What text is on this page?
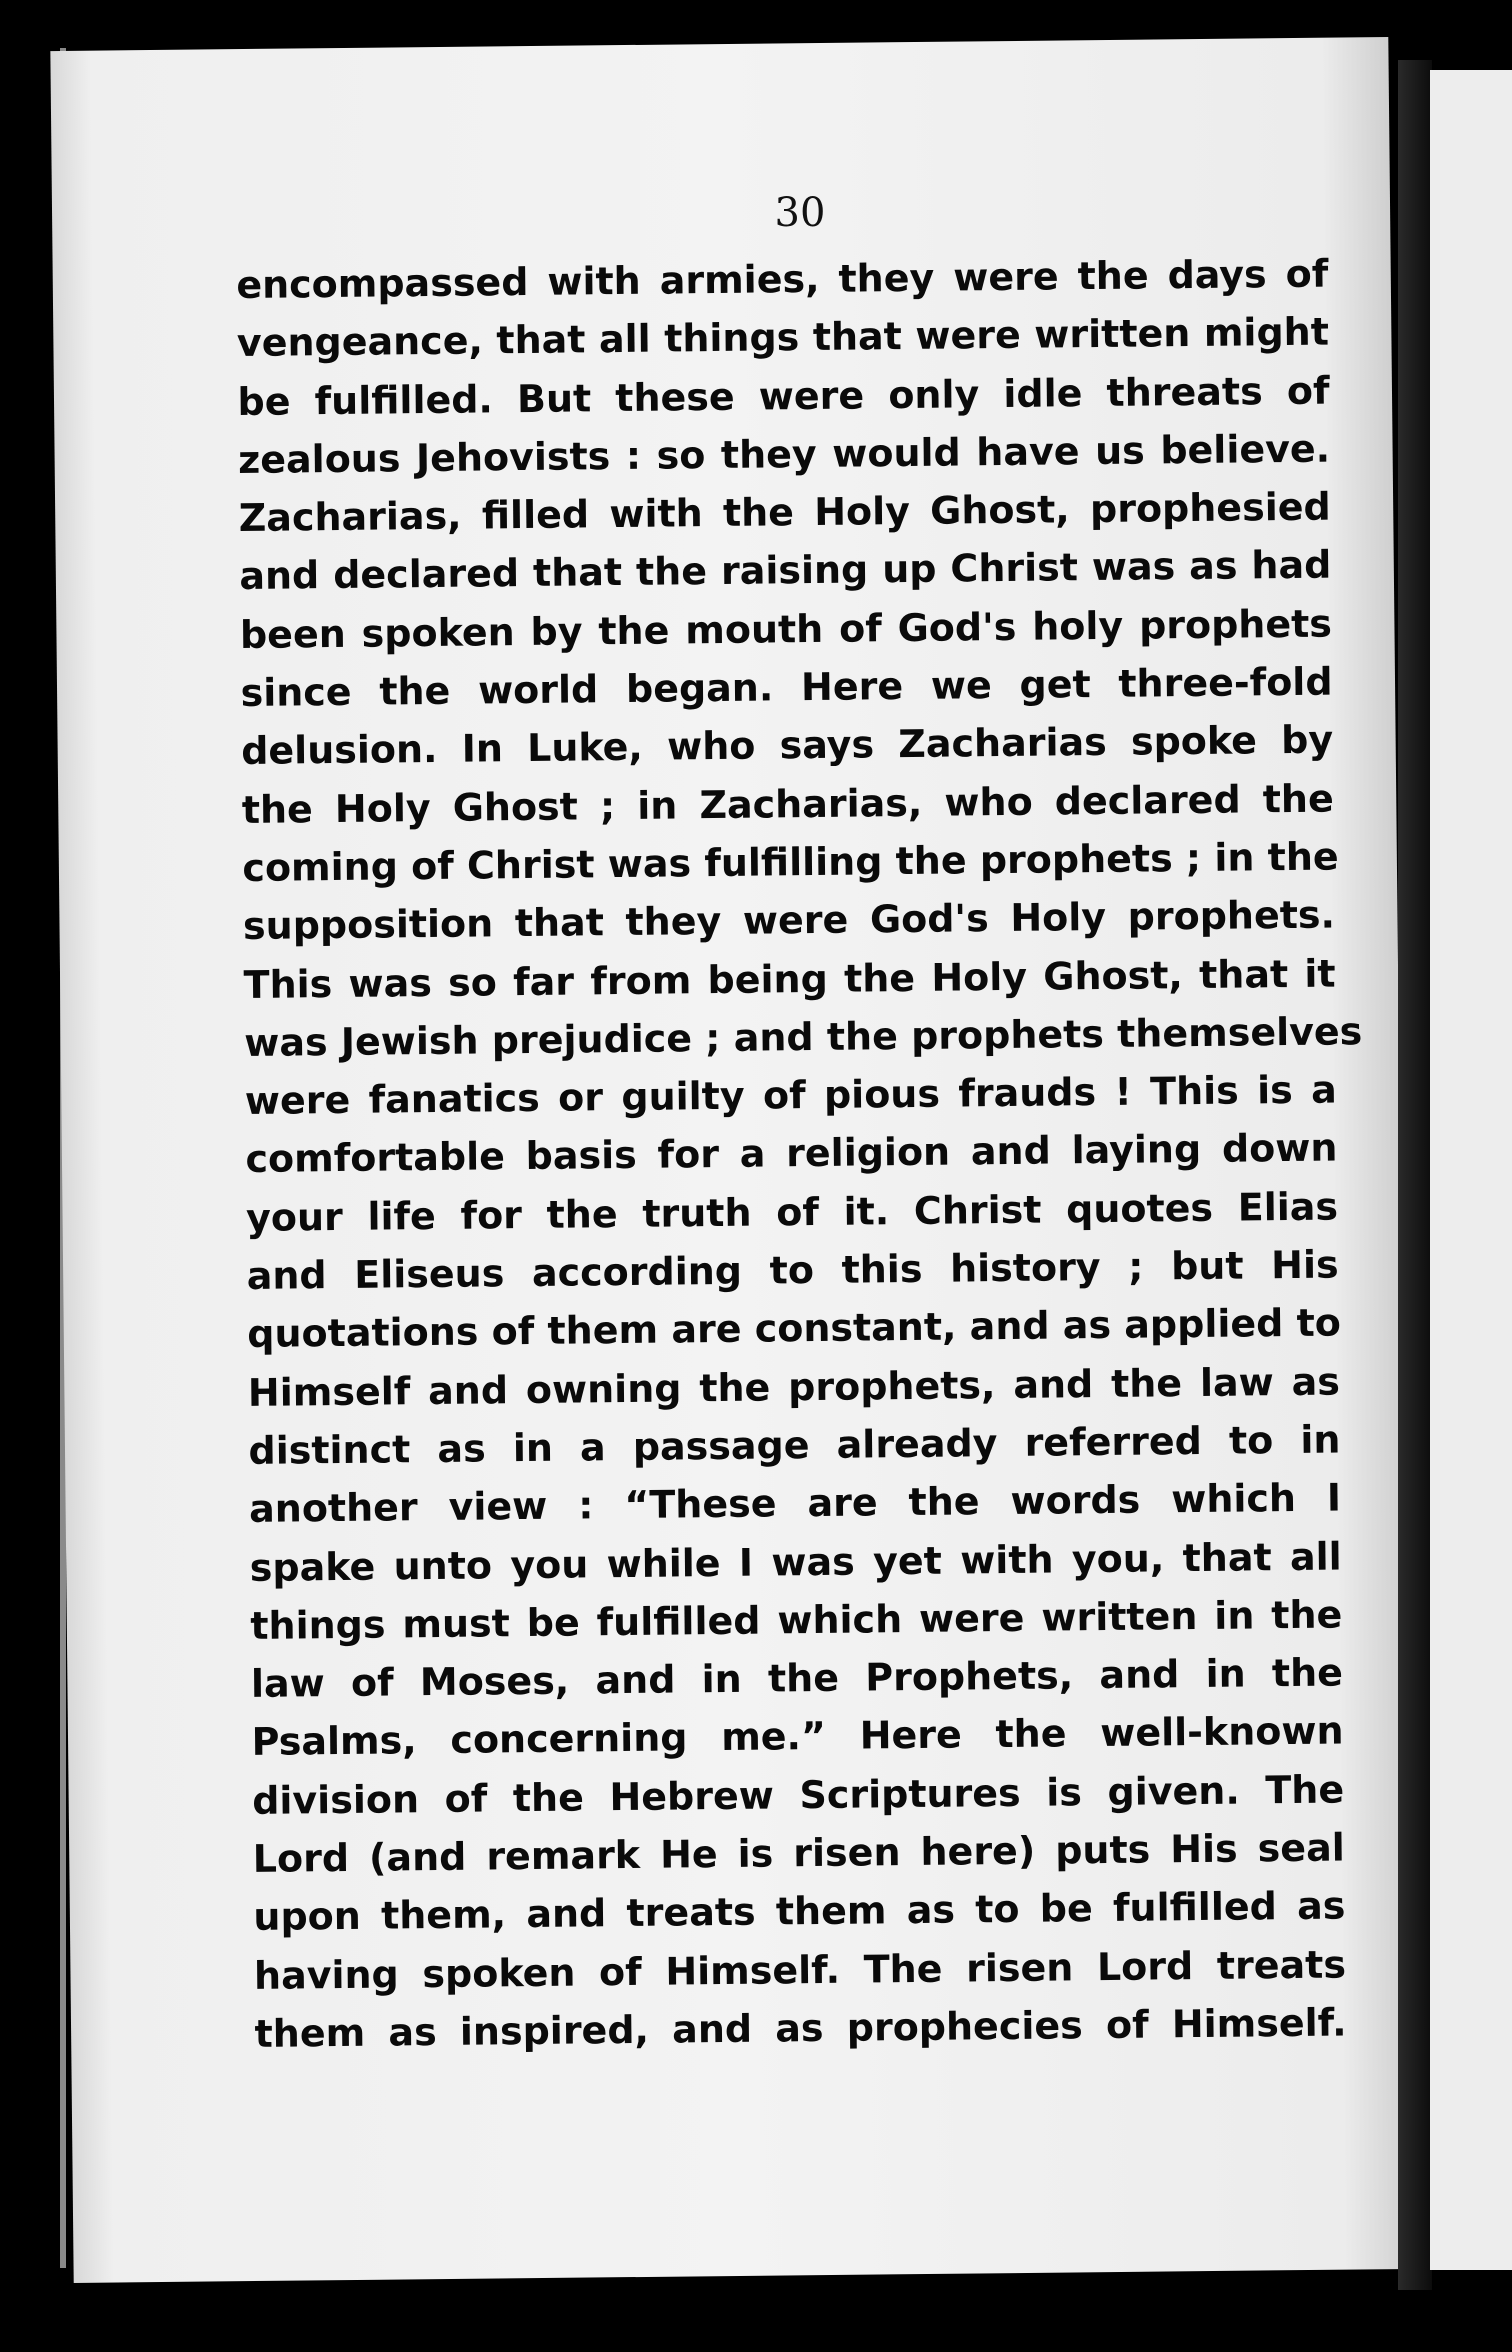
30
encompassed with armies, they were the days of
vengeance, that all things that were written might
be fulfilled. But these were only idle threats of
zealous Jehovists : so they would have us believe.
Zacharias, filled with the Holy Ghost, prophesied
and declared that the raising up Christ was as had
been spoken by the mouth of God's holy prophets
since the world began. Here we get three-fold
delusion. In Luke, who says Zacharias spoke by
the Holy Ghost ; in Zacharias, who declared the
coming of Christ was fulfilling the prophets ; in the
supposition that they were God's Holy prophets.
This was so far from being the Holy Ghost, that it
was Jewish prejudice ; and the prophets themselves
were fanatics or guilty of pious frauds ! This is a
comfortable basis for a religion and laying down
your life for the truth of it. Christ quotes Elias
and Eliseus according to this history ; but His
quotations of them are constant, and as applied to
Himself and owning the prophets, and the law as
distinct as in a passage already referred to in
another view : “These are the words which I
spake unto you while I was yet with you, that all
things must be fulfilled which were written in the
law of Moses, and in the Prophets, and in the
Psalms, concerning me.” Here the well-known
division of the Hebrew Scriptures is given. The
Lord (and remark He is risen here) puts His seal
upon them, and treats them as to be fulfilled as
having spoken of Himself. The risen Lord treats
them as inspired, and as prophecies of Himself.
